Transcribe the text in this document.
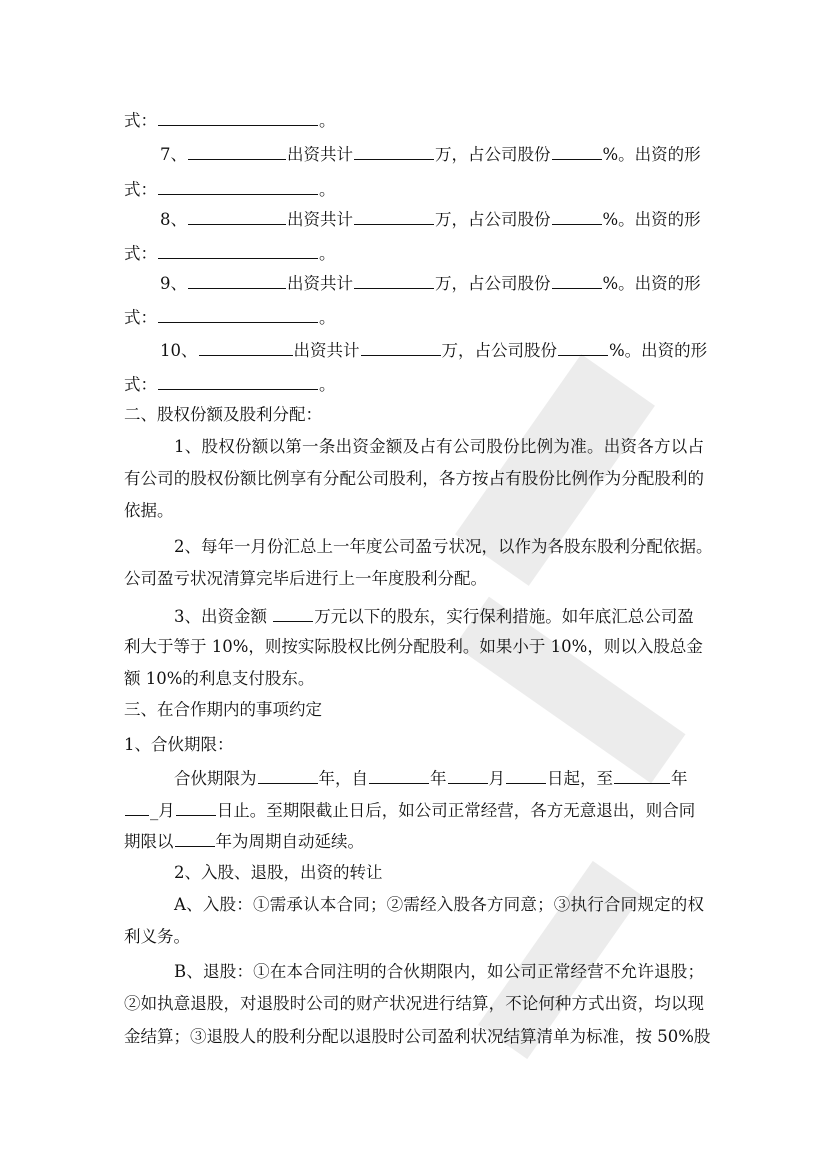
式：	。
7、	出资共计	万，占公司股份	%。出资的形
式：	。
8、	出资共计	万，占公司股份	%。出资的形
式：	。
9、	出资共计	万，占公司股份	%。出资的形
式：	。
10、	出资共计	万，占公司股份	%。出资的形
式：	。
二、股权份额及股利分配：
1、股权份额以第一条出资金额及占有公司股份比例为准。出资各方以占
有公司的股权份额比例享有分配公司股利，各方按占有股份比例作为分配股利的
依据。
2、每年一月份汇总上一年度公司盈亏状况，以作为各股东股利分配依据。
公司盈亏状况清算完毕后进行上一年度股利分配。
3、出资金额	万元以下的股东，实行保利措施。如年底汇总公司盈
利大于等于 10%，则按实际股权比例分配股利。如果小于 10%，则以入股总金
额 10%的利息支付股东。
三、在合作期内的事项约定
1、合伙期限：
合伙期限为	年，自	年	月	日起，至	年
_月	日止。至期限截止日后，如公司正常经营，各方无意退出，则合同
期限以	年为周期自动延续。
2、入股、退股，出资的转让
A、入股：①需承认本合同；②需经入股各方同意；③执行合同规定的权
利义务。
B、退股：①在本合同注明的合伙期限内，如公司正常经营不允许退股；
②如执意退股，对退股时公司的财产状况进行结算，不论何种方式出资，均以现
金结算；③退股人的股利分配以退股时公司盈利状况结算清单为标准，按 50%股
